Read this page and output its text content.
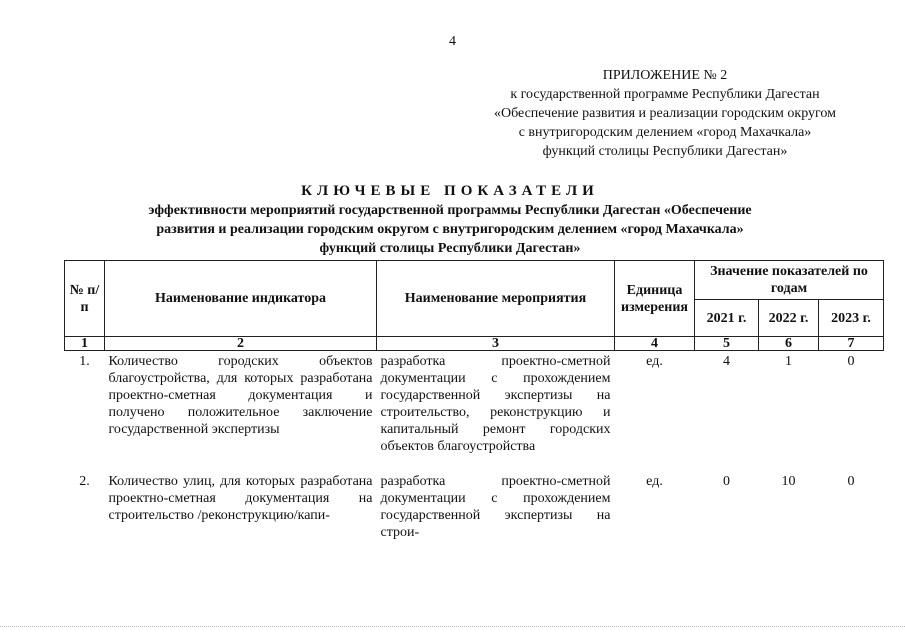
4
ПРИЛОЖЕНИЕ № 2
к государственной программе Республики Дагестан
«Обеспечение развития и реализации городским округом
с внутригородским делением «город Махачкала»
функций столицы Республики Дагестан»
КЛЮЧЕВЫЕ ПОКАЗАТЕЛИ
эффективности мероприятий государственной программы Республики Дагестан «Обеспечение
развития и реализации городским округом с внутригородским делением «город Махачкала»
функций столицы Республики Дагестан»
№ п/п	Наименование индикатора	Наименование мероприятия	Единица измерения	Значение показателей по годам		
				2021 г.	2022 г.	2023 г.
1	2	3	4	5	6	7
1.	Количество городских объектов благоустройства, для которых разработана проектно-сметная документация и получено положительное заключение государственной экспертизы	разработка проектно-сметной документации с прохождением государственной экспертизы на строительство, реконструкцию и капитальный ремонт городских объектов благоустройства	ед.	4	1	0
2.	Количество улиц, для которых разработана проектно-сметная документация на строительство /реконструкцию/капи-	разработка проектно-сметной документации с прохождением государственной экспертизы на строи-	ед.	0	10	0
